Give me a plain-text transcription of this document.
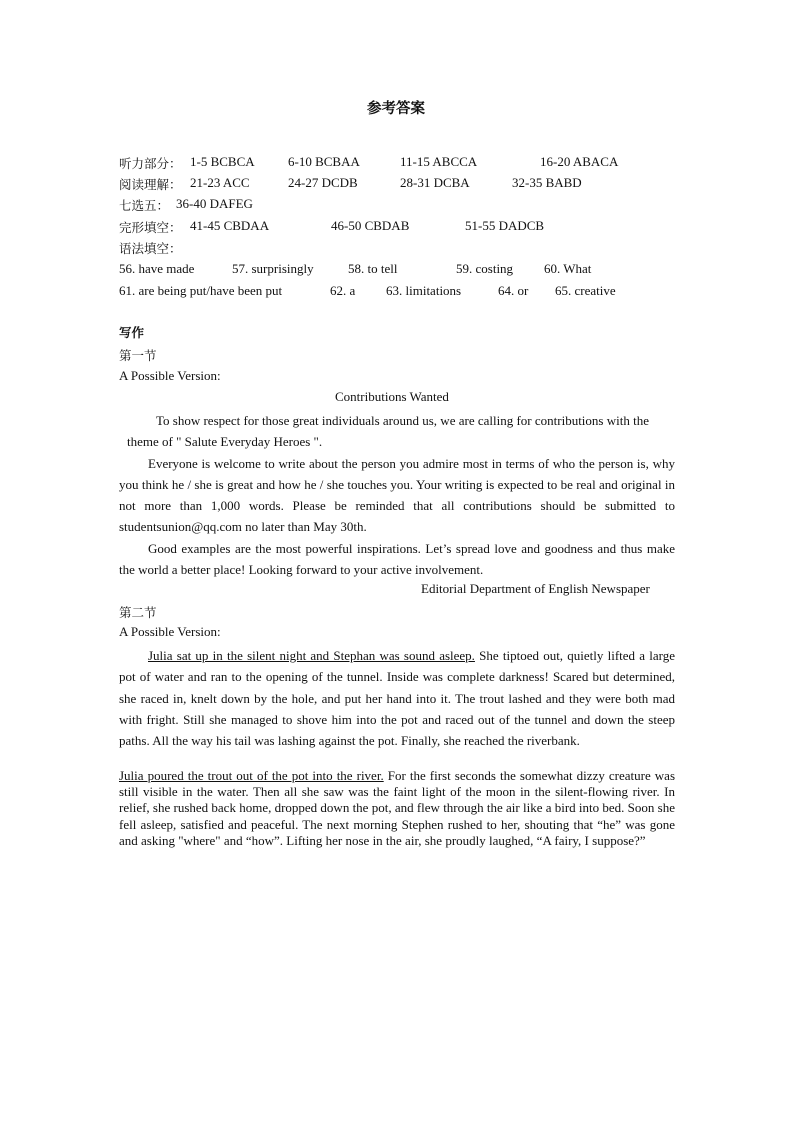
参考答案
听力部分： 1-5 BCBCA	6-10 BCBAA	11-15 ABCCA	16-20 ABACA
阅读理解： 21-23 ACC	24-27 DCDB	28-31 DCBA	32-35 BABD
七选五： 36-40 DAFEG
完形填空： 41-45 CBDAA	46-50 CBDAB	51-55 DADCB
语法填空：
56. have made	57. surprisingly	58. to tell	59. costing 60. What
61. are being put/have been put	62. a 63. limitations	64. or 65. creative
写作
第一节
A Possible Version:
Contributions Wanted

To show respect for those great individuals around us, we are calling for contributions with the theme of " Salute Everyday Heroes ".

Everyone is welcome to write about the person you admire most in terms of who the person is, why you think he / she is great and how he / she touches you. Your writing is expected to be real and original in not more than 1,000 words. Please be reminded that all contributions should be submitted to studentsunion@qq.com no later than May 30th.

Good examples are the most powerful inspirations. Let’s spread love and goodness and thus make the world a better place! Looking forward to your active involvement.

Editorial Department of English Newspaper
第二节
A Possible Version:

Julia sat up in the silent night and Stephan was sound asleep. She tiptoed out, quietly lifted a large pot of water and ran to the opening of the tunnel. Inside was complete darkness! Scared but determined, she raced in, knelt down by the hole, and put her hand into it. The trout lashed and they were both mad with fright. Still she managed to shove him into the pot and raced out of the tunnel and down the steep paths. All the way his tail was lashing against the pot. Finally, she reached the riverbank.

Julia poured the trout out of the pot into the river. For the first seconds the somewhat dizzy creature was still visible in the water. Then all she saw was the faint light of the moon in the silent-flowing river. In relief, she rushed back home, dropped down the pot, and flew through the air like a bird into bed. Soon she fell asleep, satisfied and peaceful. The next morning Stephen rushed to her, shouting that “he” was gone and asking "where" and “how”. Lifting her nose in the air, she proudly laughed, “A fairy, I suppose?”
